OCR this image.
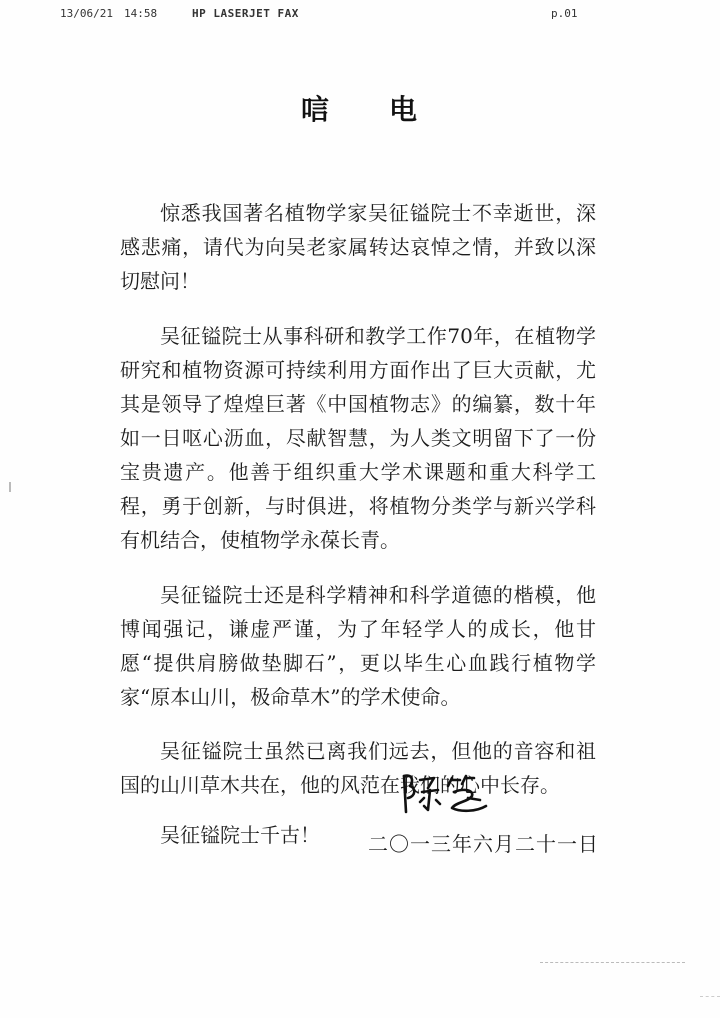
13/06/21 14:58	HP LASERJET FAX	p.01
唁 电

惊悉我国著名植物学家吴征镒院士不幸逝世，深感悲痛，请代为向吴老家属转达哀悼之情，并致以深切慰问！

吴征镒院士从事科研和教学工作70年，在植物学研究和植物资源可持续利用方面作出了巨大贡献，尤其是领导了煌煌巨著《中国植物志》的编纂，数十年如一日呕心沥血，尽献智慧，为人类文明留下了一份宝贵遗产。他善于组织重大学术课题和重大科学工程，勇于创新，与时俱进，将植物分类学与新兴学科有机结合，使植物学永葆长青。

吴征镒院士还是科学精神和科学道德的楷模，他博闻强记，谦虚严谨，为了年轻学人的成长，他甘愿“提供肩膀做垫脚石”，更以毕生心血践行植物学家“原本山川，极命草木”的学术使命。

吴征镒院士虽然已离我们远去，但他的音容和祖国的山川草木共在，他的风范在我们的心中长存。

吴征镒院士千古！	二〇一三年六月二十一日
